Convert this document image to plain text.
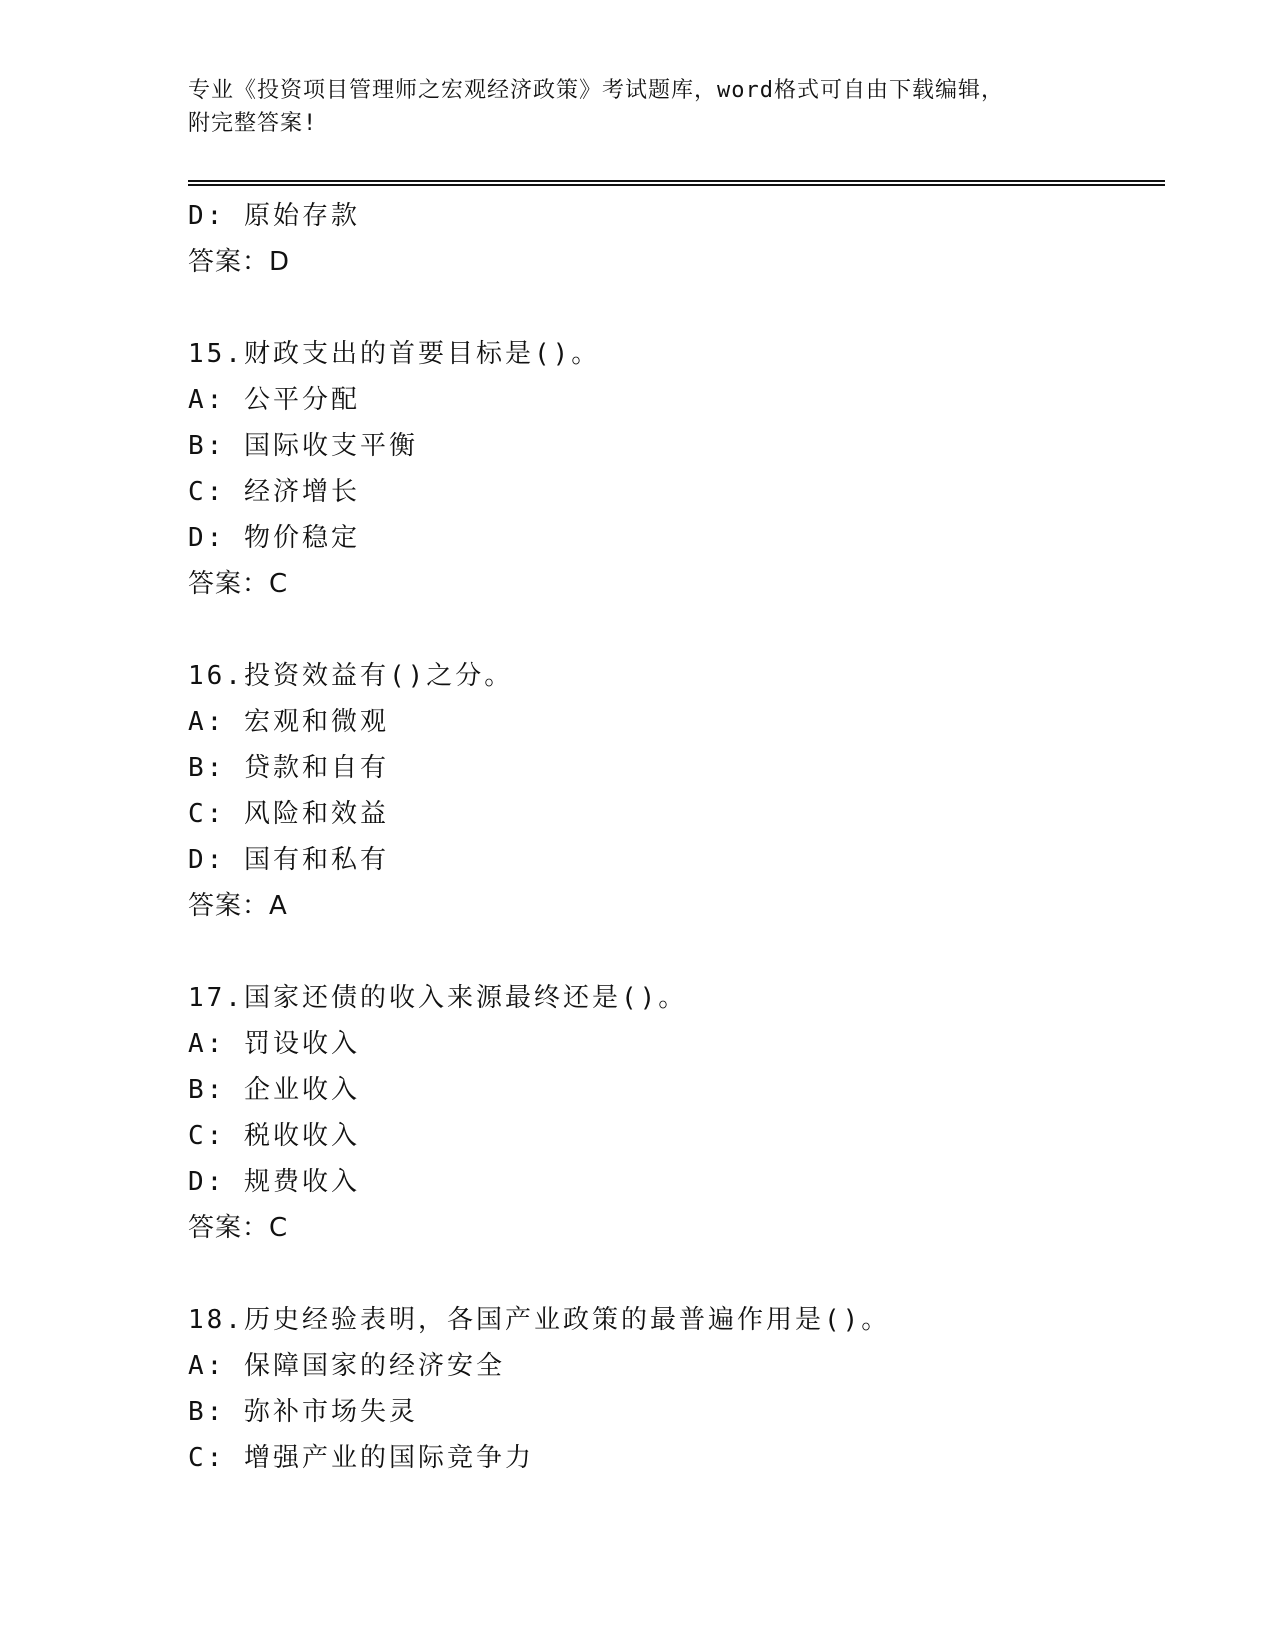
专业《投资项目管理师之宏观经济政策》考试题库，word格式可自由下载编辑，
附完整答案!
D: 原始存款
答案：D
15.财政支出的首要目标是()。
A: 公平分配
B: 国际收支平衡
C: 经济增长
D: 物价稳定
答案：C
16.投资效益有()之分。
A: 宏观和微观
B: 贷款和自有
C: 风险和效益
D: 国有和私有
答案：A
17.国家还债的收入来源最终还是()。
A: 罚设收入
B: 企业收入
C: 税收收入
D: 规费收入
答案：C
18.历史经验表明，各国产业政策的最普遍作用是()。
A: 保障国家的经济安全
B: 弥补市场失灵
C: 增强产业的国际竞争力
